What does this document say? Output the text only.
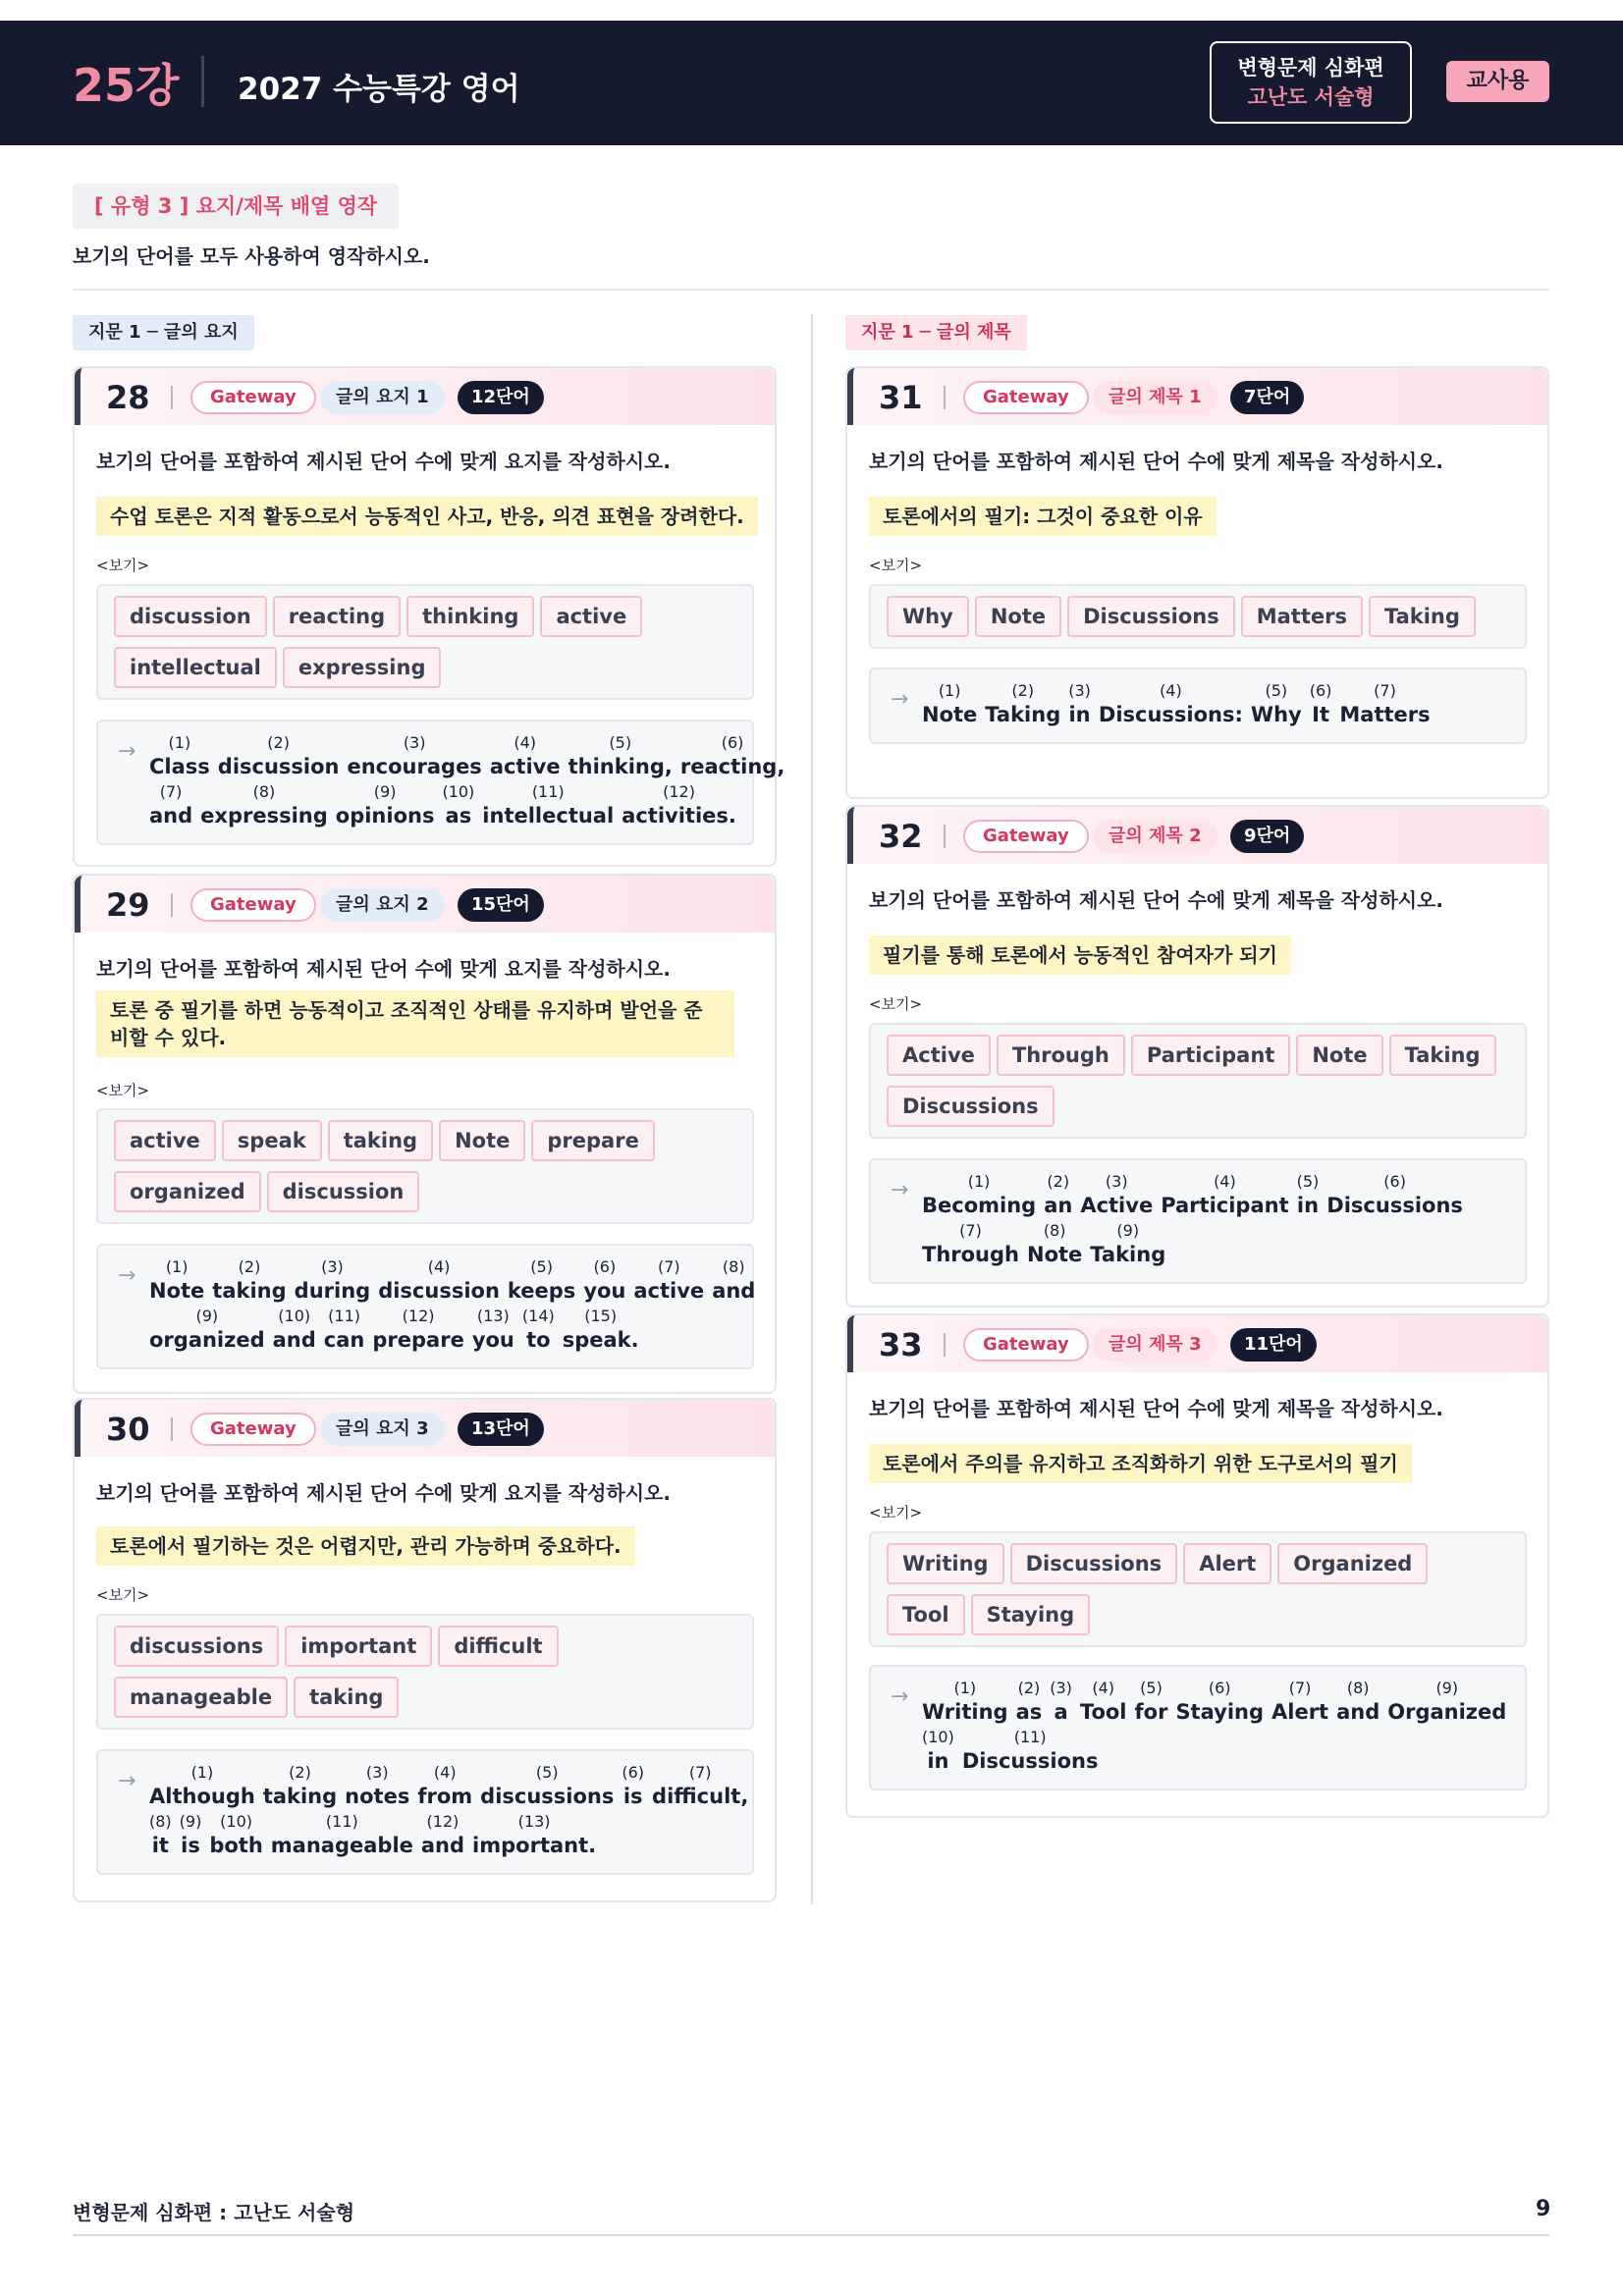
25강 2027 수능특강 영어
변형문제 심화편
고난도 서술형
교사용
[ 유형 3 ] 요지/제목 배열 영작
보기의 단어를 모두 사용하여 영작하시오.
지문 1 ─ 글의 요지	지문 1 ─ 글의 제목
28	Gateway	글의 요지 1	12단어
보기의 단어를 포함하여 제시된 단어 수에 맞게 요지를 작성하시오.
수업 토론은 지적 활동으로서 능동적인 사고, 반응, 의견 표현을 장려한다.
<보기>
discussion reacting thinking activeintellectual expressing
→ (1)
Class
(2)
discussion
(3)
encourages
(4)
active
(5)
thinking,
(6)
reacting,
(7)
and
(8)
expressing
(9)
opinions
(10)
as
(11)
intellectual
(12)
activities.
29	Gateway	글의 요지 2	15단어
보기의 단어를 포함하여 제시된 단어 수에 맞게 요지를 작성하시오.
토론 중 필기를 하면 능동적이고 조직적인 상태를 유지하며 발언을 준비할 수 있다.
<보기>
active speak taking Note prepareorganized discussion
→ (1)
Note
(2)
taking
(3)
during
(4)
discussion
(5)
keeps
(6)
you
(7)
active
(8)
and
(9)
organized
(10)
and
(11)
can
(12)
prepare
(13)
you
(14)
to
(15)
speak.
30	Gateway	글의 요지 3	13단어
보기의 단어를 포함하여 제시된 단어 수에 맞게 요지를 작성하시오.
토론에서 필기하는 것은 어렵지만, 관리 가능하며 중요하다.
<보기>
discussions important difficultmanageable taking
→	(1)
Although
(2)
taking
(3)
notes
(4)
from
(5)
discussions
(6)
is
(7)
difficult,
(8)
it
(9)
is
(10)
both
(11)
manageable
(12)
and
(13)
important.
31	Gateway	글의 제목 1	7단어
보기의 단어를 포함하여 제시된 단어 수에 맞게 제목을 작성하시오.
토론에서의 필기: 그것이 중요한 이유
<보기>
Why Note Discussions Matters Taking
→ (1)
Note
(2)
Taking
(3)
in
(4)
Discussions:
(5)
Why
(6)
It
(7)
Matters
32	Gateway	글의 제목 2	9단어
보기의 단어를 포함하여 제시된 단어 수에 맞게 제목을 작성하시오.
필기를 통해 토론에서 능동적인 참여자가 되기
<보기>
Active Through Participant Note TakingDiscussions
→	(1)
Becoming
(2)
an
(3)
Active
(4)
Participant
(5)
in
(6)
Discussions
(7)
Through
(8)
Note
(9)
Taking
33	Gateway	글의 제목 3	11단어
보기의 단어를 포함하여 제시된 단어 수에 맞게 제목을 작성하시오.
토론에서 주의를 유지하고 조직화하기 위한 도구로서의 필기
<보기>
Writing Discussions Alert OrganizedTool Staying
→	(1)
Writing
(2)
as
(3)
a
(4)
Tool
(5)
for
(6)
Staying
(7)
Alert
(8)
and
(9)
Organized
(10)
in
(11)
Discussions
변형문제 심화편 : 고난도 서술형	9
